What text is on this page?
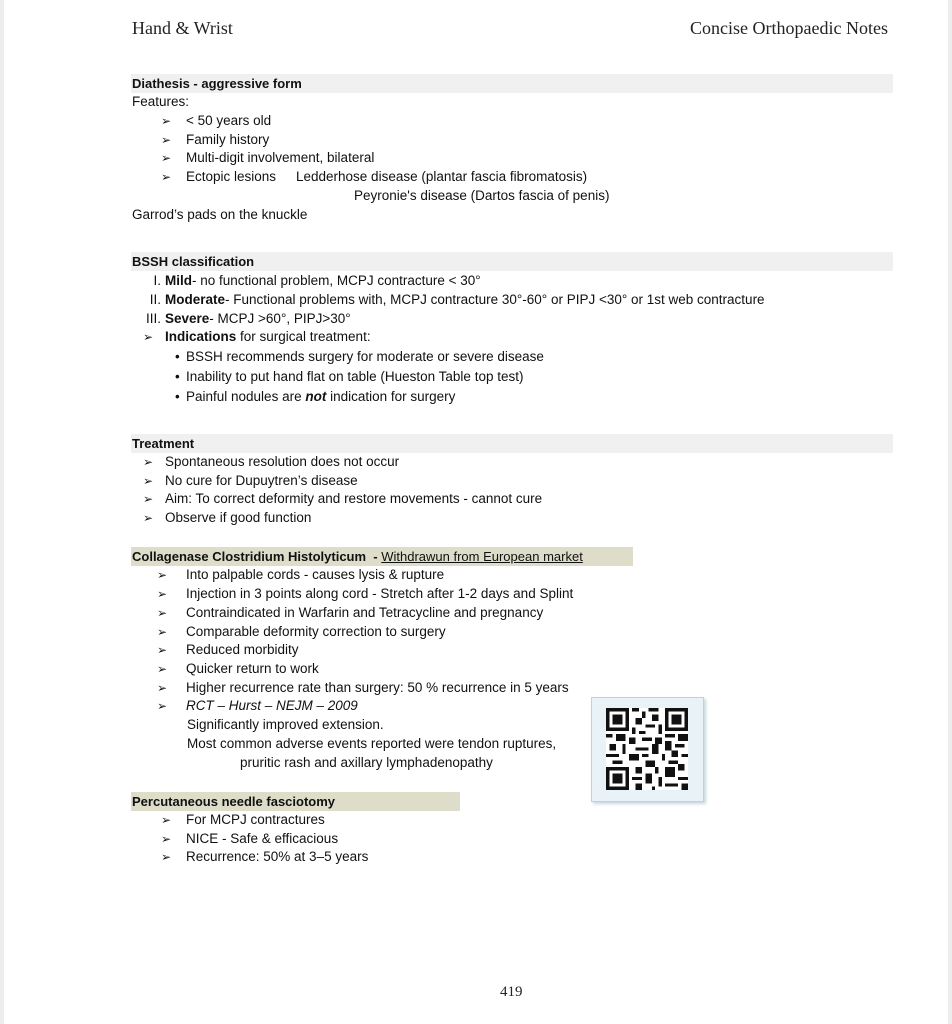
Hand & Wrist	Concise Orthopaedic Notes
Diathesis - aggressive form
Features:
➢ < 50 years old
➢ Family history
➢ Multi-digit involvement, bilateral
➢ Ectopic lesions Ledderhose disease (plantar fascia fibromatosis)
Peyronie's disease (Dartos fascia of penis)
Garrod’s pads on the knuckle
BSSH classification
I. Mild- no functional problem, MCPJ contracture < 30°
II. Moderate- Functional problems with, MCPJ contracture 30°-60° or PIPJ <30° or 1st web contracture
III. Severe- MCPJ >60°, PIPJ>30°
➢ Indications for surgical treatment:
• BSSH recommends surgery for moderate or severe disease
• Inability to put hand flat on table (Hueston Table top test)
• Painful nodules are not indication for surgery
Treatment
➢ Spontaneous resolution does not occur
➢ No cure for Dupuytren’s disease
➢ Aim: To correct deformity and restore movements - cannot cure
➢ Observe if good function
Collagenase Clostridium Histolyticum  - Withdrawun from European market
➢ Into palpable cords - causes lysis & rupture
➢ Injection in 3 points along cord - Stretch after 1-2 days and Splint
➢ Contraindicated in Warfarin and Tetracycline and pregnancy
➢ Comparable deformity correction to surgery
➢ Reduced morbidity
➢ Quicker return to work
➢ Higher recurrence rate than surgery: 50 % recurrence in 5 years
➢ RCT – Hurst – NEJM – 2009
Significantly improved extension.
Most common adverse events reported were tendon ruptures,
pruritic rash and axillary lymphadenopathy
Percutaneous needle fasciotomy
➢ For MCPJ contractures
➢ NICE - Safe & efficacious
➢ Recurrence: 50% at 3–5 years
419
